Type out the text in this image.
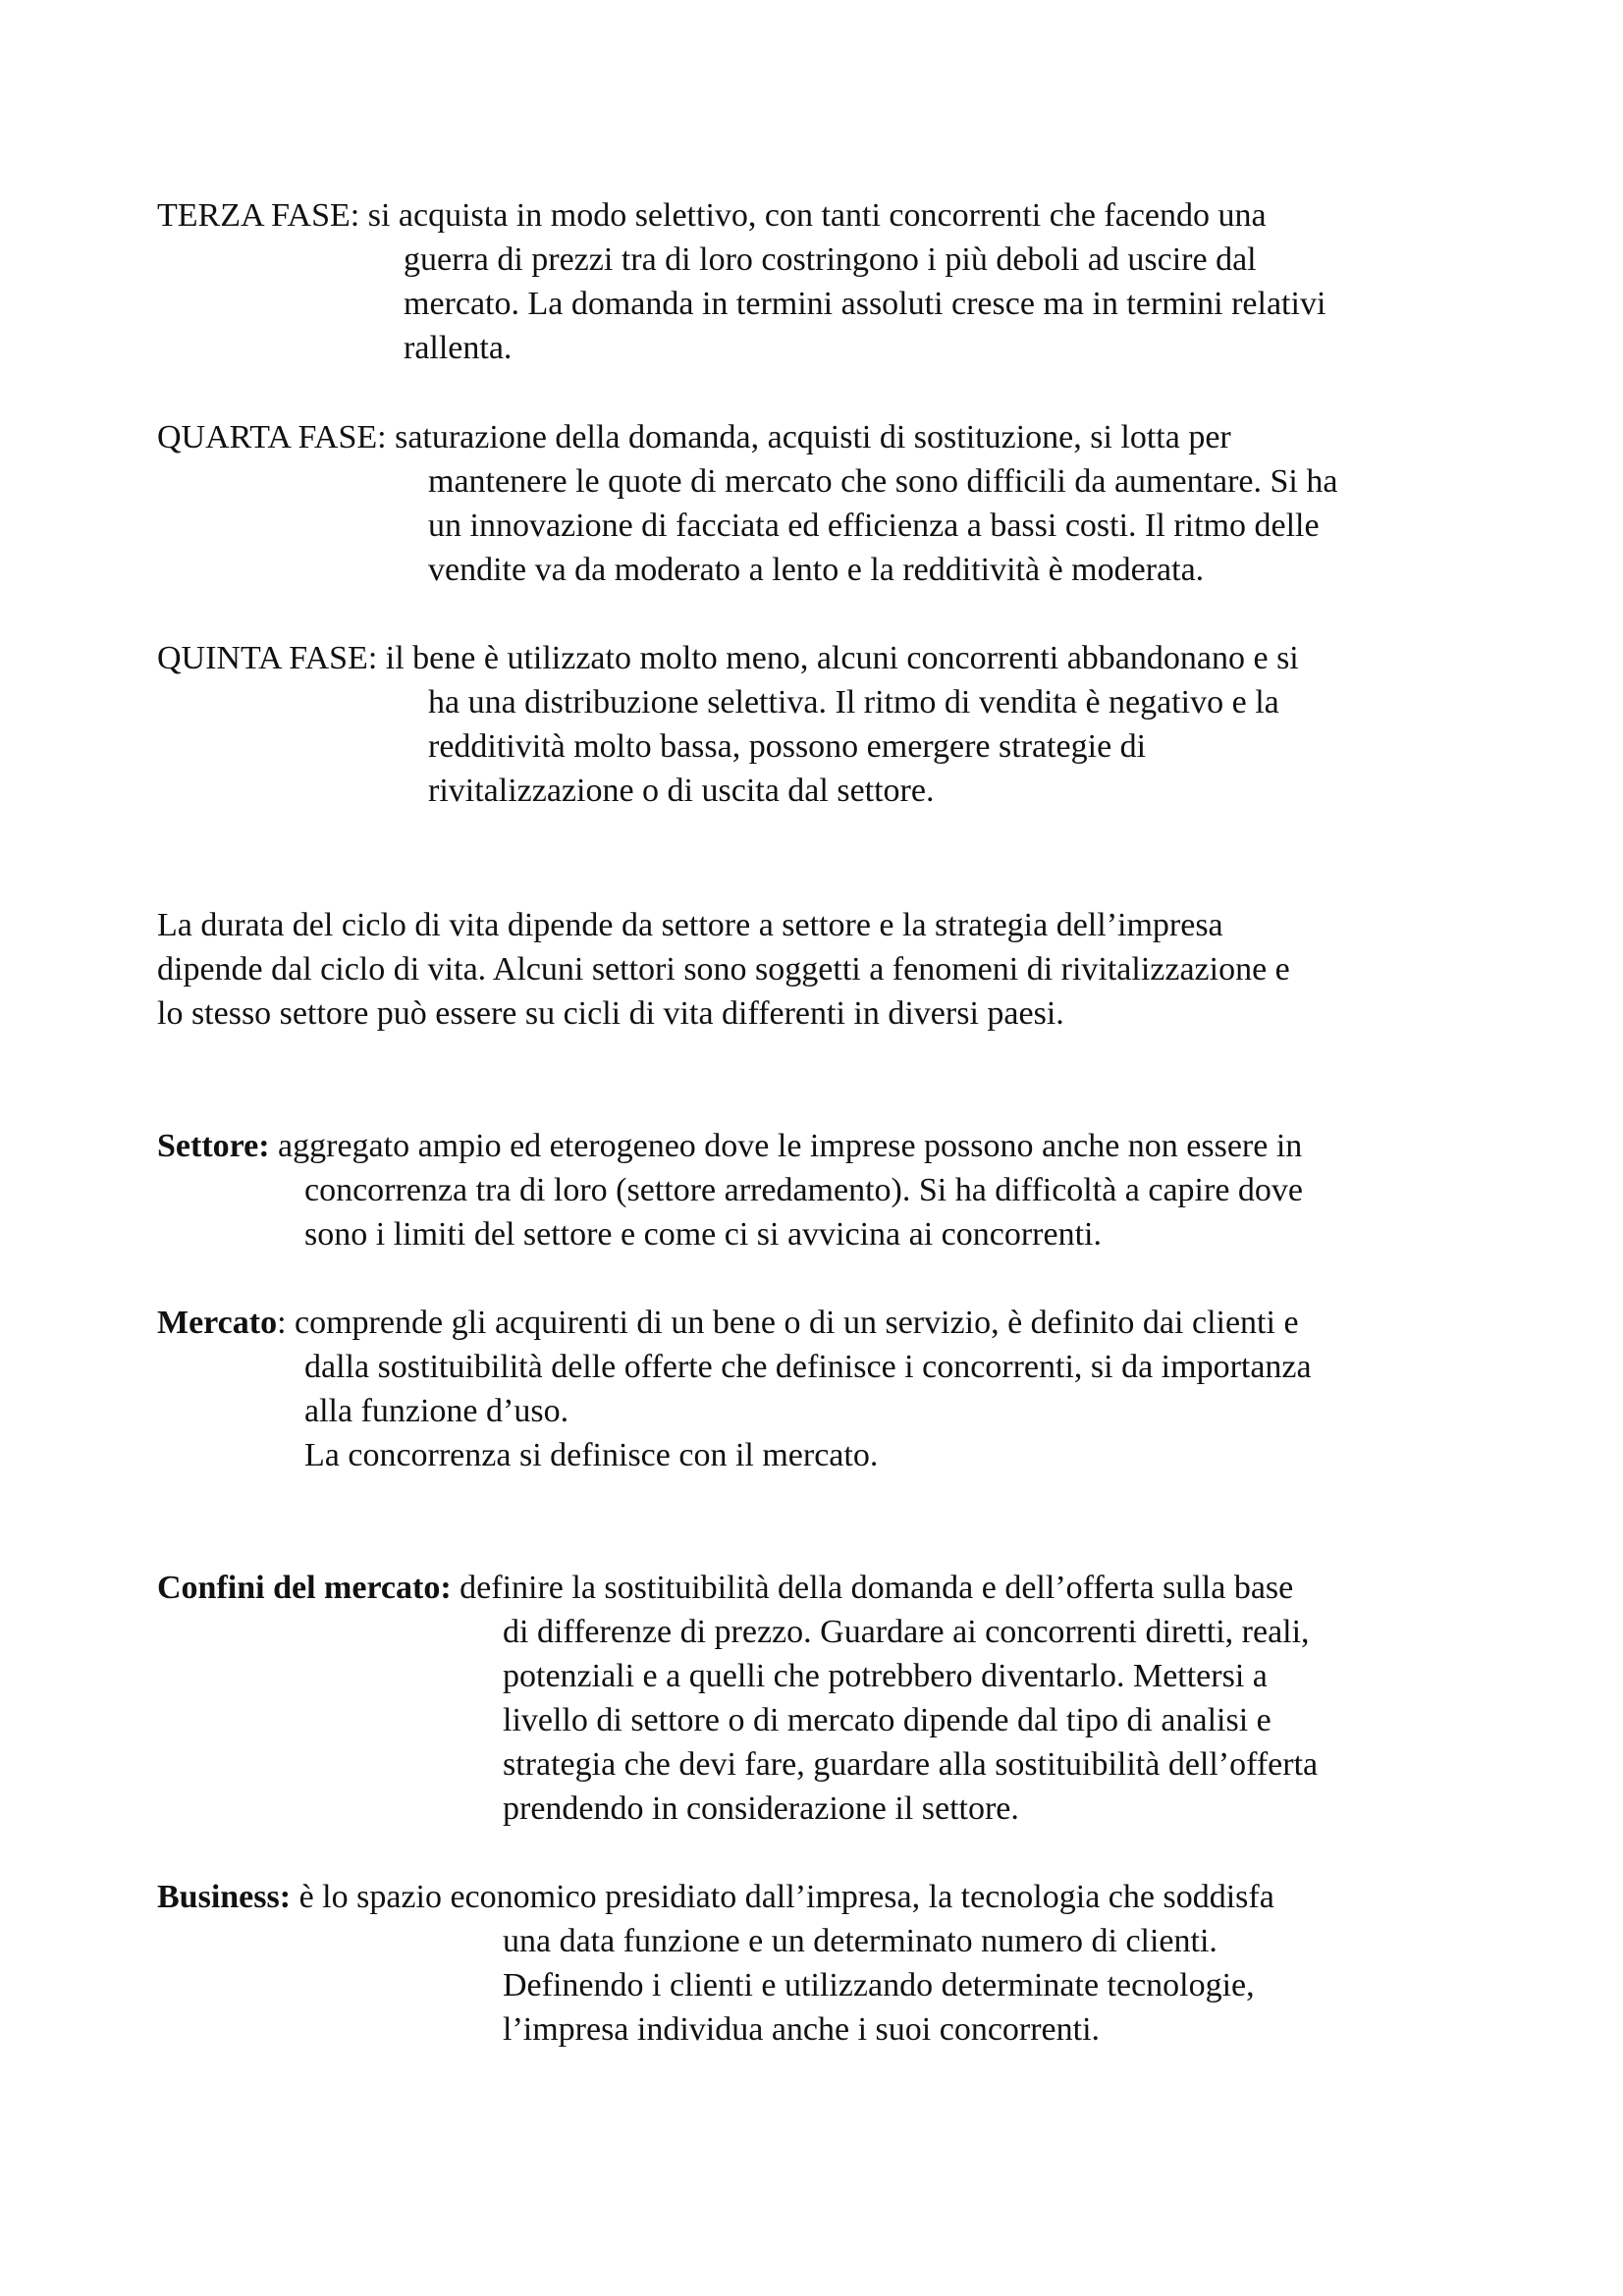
TERZA FASE: si acquista in modo selettivo, con tanti concorrenti che facendo una
guerra di prezzi tra di loro costringono i più deboli ad uscire dal
mercato. La domanda in termini assoluti cresce ma in termini relativi
rallenta.
QUARTA FASE: saturazione della domanda, acquisti di sostituzione, si lotta per
mantenere le quote di mercato che sono difficili da aumentare. Si ha
un innovazione di facciata ed efficienza a bassi costi. Il ritmo delle
vendite va da moderato a lento e la redditività è moderata.
QUINTA FASE: il bene è utilizzato molto meno, alcuni concorrenti abbandonano e si
ha una distribuzione selettiva. Il ritmo di vendita è negativo e la
redditività molto bassa, possono emergere strategie di
rivitalizzazione o di uscita dal settore.
La durata del ciclo di vita dipende da settore a settore e la strategia dell’impresa
dipende dal ciclo di vita. Alcuni settori sono soggetti a fenomeni di rivitalizzazione e
lo stesso settore può essere su cicli di vita differenti in diversi paesi.
Settore: aggregato ampio ed eterogeneo dove le imprese possono anche non essere in
concorrenza tra di loro (settore arredamento). Si ha difficoltà a capire dove
sono i limiti del settore e come ci si avvicina ai concorrenti.
Mercato: comprende gli acquirenti di un bene o di un servizio, è definito dai clienti e
dalla sostituibilità delle offerte che definisce i concorrenti, si da importanza
alla funzione d’uso.
La concorrenza si definisce con il mercato.
Confini del mercato: definire la sostituibilità della domanda e dell’offerta sulla base
di differenze di prezzo. Guardare ai concorrenti diretti, reali,
potenziali e a quelli che potrebbero diventarlo. Mettersi a
livello di settore o di mercato dipende dal tipo di analisi e
strategia che devi fare, guardare alla sostituibilità dell’offerta
prendendo in considerazione il settore.
Business: è lo spazio economico presidiato dall’impresa, la tecnologia che soddisfa
una data funzione e un determinato numero di clienti.
Definendo i clienti e utilizzando determinate tecnologie,
l’impresa individua anche i suoi concorrenti.
